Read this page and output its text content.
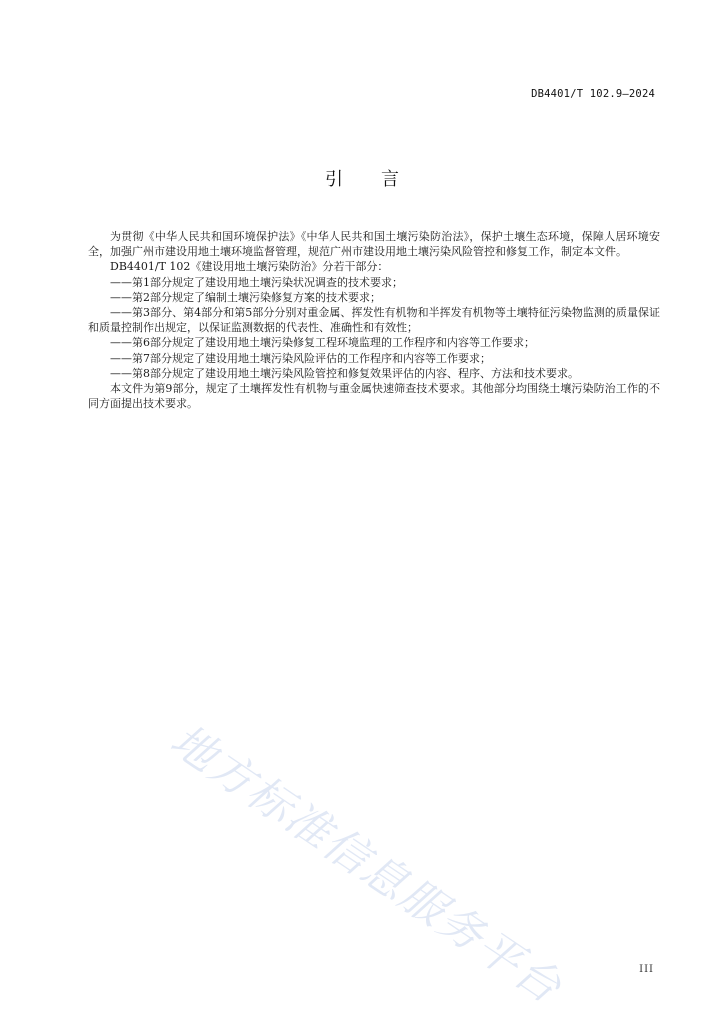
DB4401/T 102.9—2024
引言

为贯彻《中华人民共和国环境保护法》《中华人民共和国土壤污染防治法》，保护土壤生态环境，保障人居环境安全，加强广州市建设用地土壤环境监督管理，规范广州市建设用地土壤污染风险管控和修复工作，制定本文件。

DB4401/T 102《建设用地土壤污染防治》分若干部分：

——第1部分规定了建设用地土壤污染状况调查的技术要求；

——第2部分规定了编制土壤污染修复方案的技术要求；

——第3部分、第4部分和第5部分分别对重金属、挥发性有机物和半挥发有机物等土壤特征污染物监测的质量保证和质量控制作出规定，以保证监测数据的代表性、准确性和有效性；

——第6部分规定了建设用地土壤污染修复工程环境监理的工作程序和内容等工作要求；

——第7部分规定了建设用地土壤污染风险评估的工作程序和内容等工作要求；

——第8部分规定了建设用地土壤污染风险管控和修复效果评估的内容、程序、方法和技术要求。

本文件为第9部分，规定了土壤挥发性有机物与重金属快速筛查技术要求。其他部分均围绕土壤污染防治工作的不同方面提出技术要求。

地方标准信息服务平台	III
